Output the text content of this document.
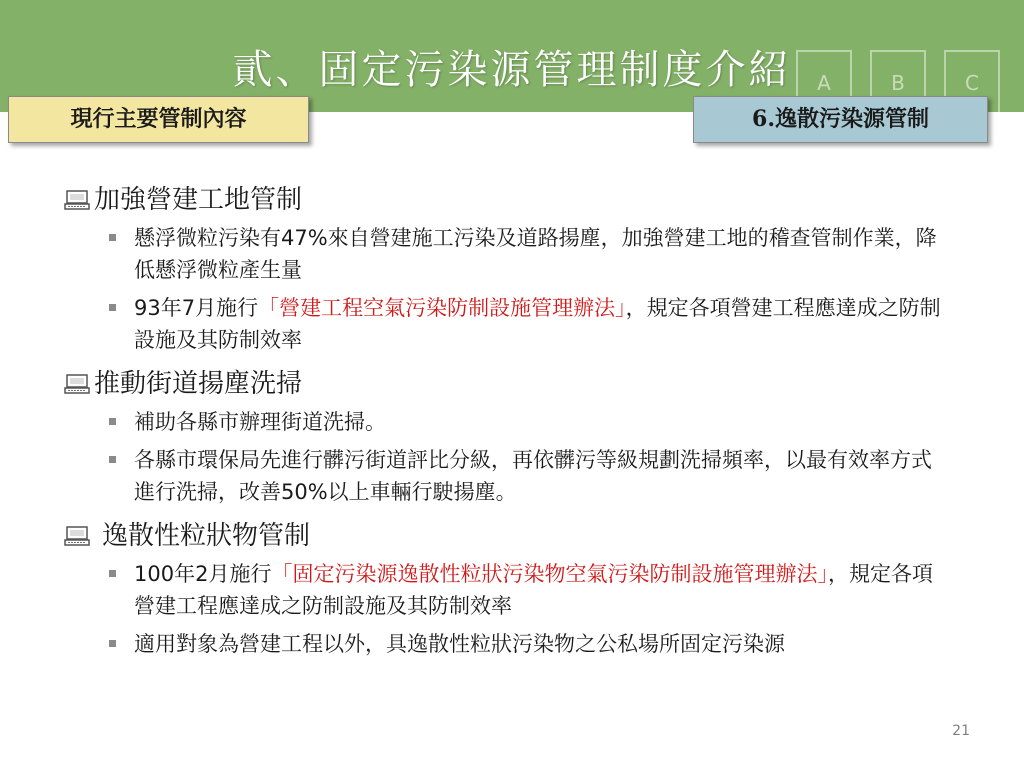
A	B	C
貳、固定污染源管理制度介紹
現行主要管制內容	6.逸散污染源管制
加強營建工地管制
懸浮微粒污染有47%來自營建施工污染及道路揚塵，加強營建工地的稽查管制作業，降低懸浮微粒產生量
93年7月施行「營建工程空氣污染防制設施管理辦法」，規定各項營建工程應達成之防制設施及其防制效率
推動街道揚塵洗掃
補助各縣市辦理街道洗掃。
各縣市環保局先進行髒污街道評比分級，再依髒污等級規劃洗掃頻率，以最有效率方式進行洗掃，改善50%以上車輛行駛揚塵。
逸散性粒狀物管制
100年2月施行「固定污染源逸散性粒狀污染物空氣污染防制設施管理辦法」，規定各項營建工程應達成之防制設施及其防制效率
適用對象為營建工程以外，具逸散性粒狀污染物之公私場所固定污染源
21
